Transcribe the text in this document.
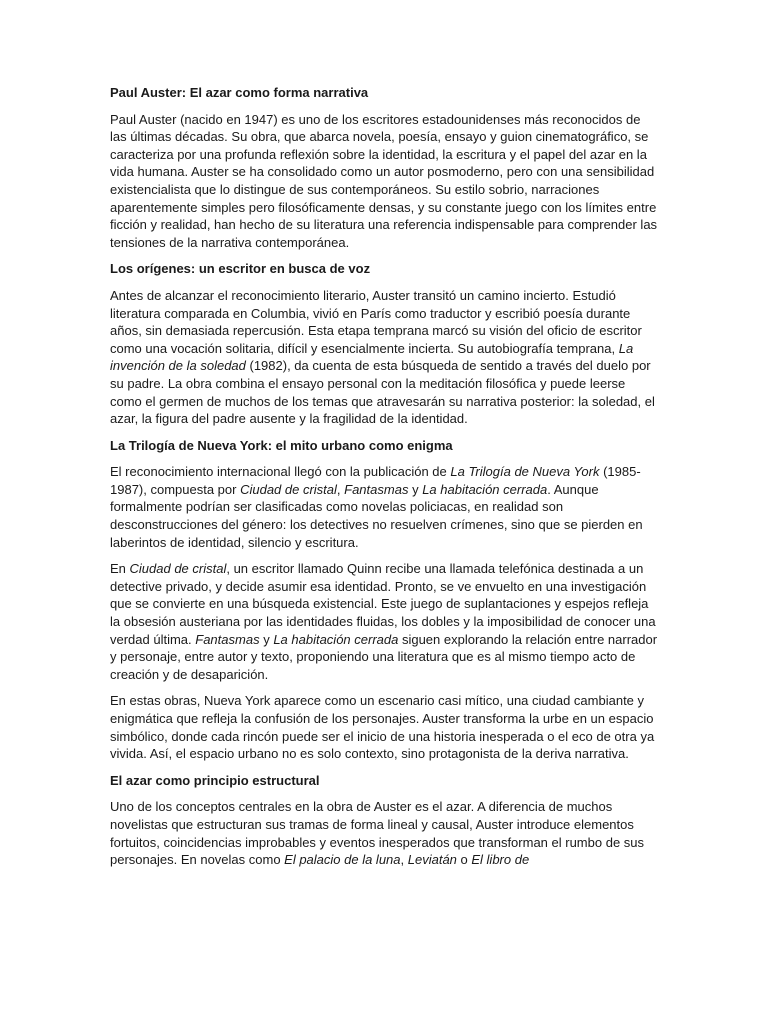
Paul Auster: El azar como forma narrativa

Paul Auster (nacido en 1947) es uno de los escritores estadounidenses más reconocidos de las últimas décadas. Su obra, que abarca novela, poesía, ensayo y guion cinematográfico, se caracteriza por una profunda reflexión sobre la identidad, la escritura y el papel del azar en la vida humana. Auster se ha consolidado como un autor posmoderno, pero con una sensibilidad existencialista que lo distingue de sus contemporáneos. Su estilo sobrio, narraciones aparentemente simples pero filosóficamente densas, y su constante juego con los límites entre ficción y realidad, han hecho de su literatura una referencia indispensable para comprender las tensiones de la narrativa contemporánea.

Los orígenes: un escritor en busca de voz

Antes de alcanzar el reconocimiento literario, Auster transitó un camino incierto. Estudió literatura comparada en Columbia, vivió en París como traductor y escribió poesía durante años, sin demasiada repercusión. Esta etapa temprana marcó su visión del oficio de escritor como una vocación solitaria, difícil y esencialmente incierta. Su autobiografía temprana, La invención de la soledad (1982), da cuenta de esta búsqueda de sentido a través del duelo por su padre. La obra combina el ensayo personal con la meditación filosófica y puede leerse como el germen de muchos de los temas que atravesarán su narrativa posterior: la soledad, el azar, la figura del padre ausente y la fragilidad de la identidad.

La Trilogía de Nueva York: el mito urbano como enigma

El reconocimiento internacional llegó con la publicación de La Trilogía de Nueva York (1985-1987), compuesta por Ciudad de cristal, Fantasmas y La habitación cerrada. Aunque formalmente podrían ser clasificadas como novelas policiacas, en realidad son desconstrucciones del género: los detectives no resuelven crímenes, sino que se pierden en laberintos de identidad, silencio y escritura.

En Ciudad de cristal, un escritor llamado Quinn recibe una llamada telefónica destinada a un detective privado, y decide asumir esa identidad. Pronto, se ve envuelto en una investigación que se convierte en una búsqueda existencial. Este juego de suplantaciones y espejos refleja la obsesión austeriana por las identidades fluidas, los dobles y la imposibilidad de conocer una verdad última. Fantasmas y La habitación cerrada siguen explorando la relación entre narrador y personaje, entre autor y texto, proponiendo una literatura que es al mismo tiempo acto de creación y de desaparición.

En estas obras, Nueva York aparece como un escenario casi mítico, una ciudad cambiante y enigmática que refleja la confusión de los personajes. Auster transforma la urbe en un espacio simbólico, donde cada rincón puede ser el inicio de una historia inesperada o el eco de otra ya vivida. Así, el espacio urbano no es solo contexto, sino protagonista de la deriva narrativa.

El azar como principio estructural

Uno de los conceptos centrales en la obra de Auster es el azar. A diferencia de muchos novelistas que estructuran sus tramas de forma lineal y causal, Auster introduce elementos fortuitos, coincidencias improbables y eventos inesperados que transforman el rumbo de sus personajes. En novelas como El palacio de la luna, Leviatán o El libro de
